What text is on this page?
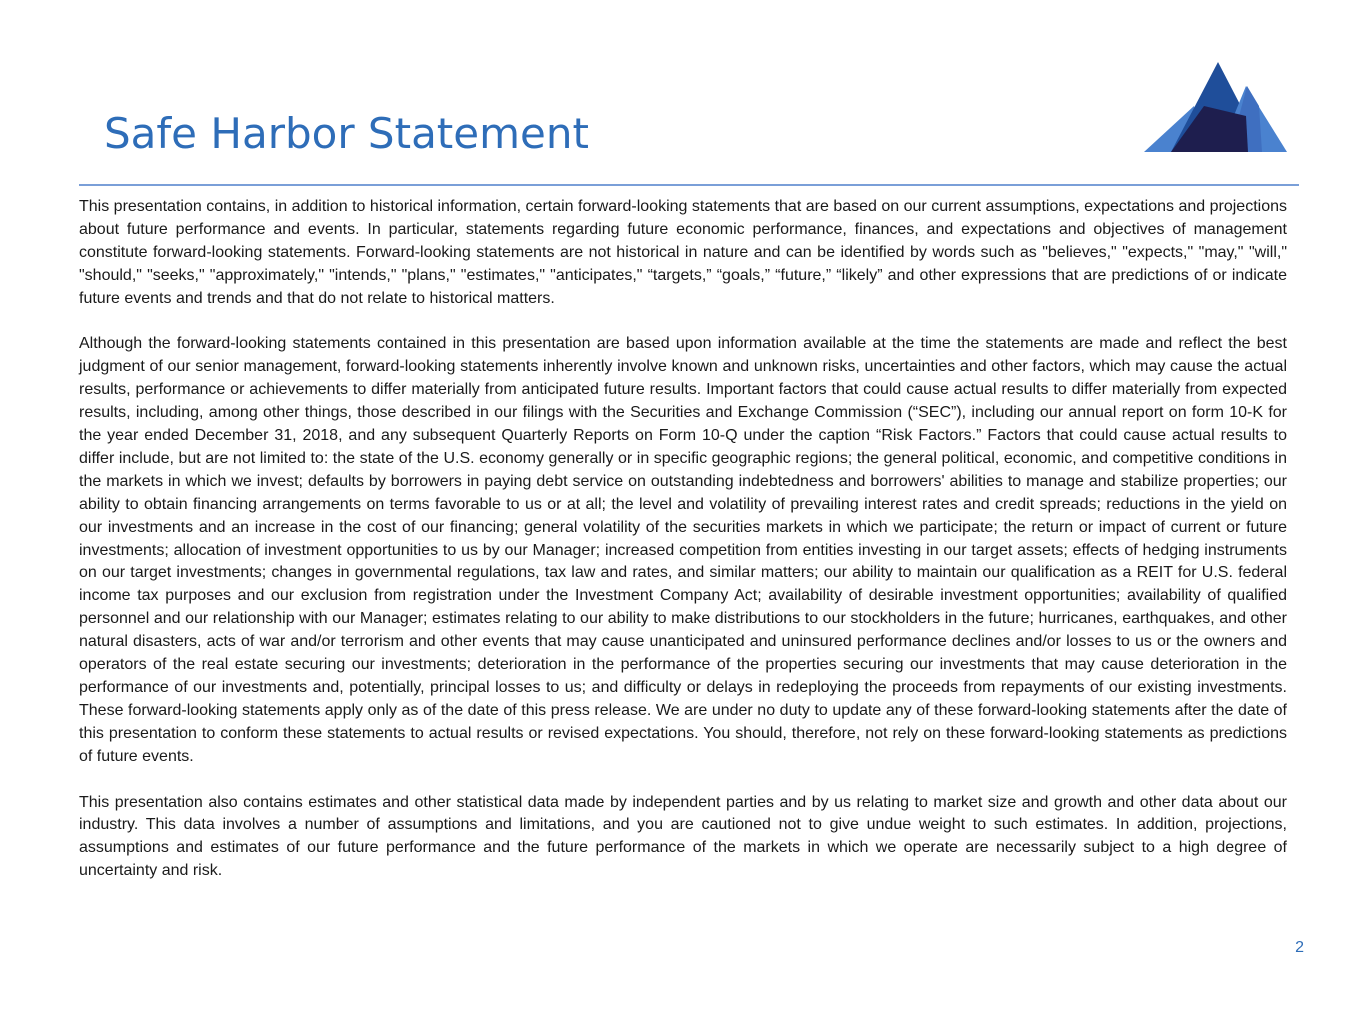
Safe Harbor Statement

This presentation contains, in addition to historical information, certain forward-looking statements that are based on our current assumptions, expectations and projections about future performance and events. In particular, statements regarding future economic performance, finances, and expectations and objectives of management constitute forward-looking statements. Forward-looking statements are not historical in nature and can be identified by words such as "believes," "expects," "may," "will," "should," "seeks," "approximately," "intends," "plans," "estimates," "anticipates," “targets,” “goals,” “future,” “likely” and other expressions that are predictions of or indicate future events and trends and that do not relate to historical matters.

Although the forward-looking statements contained in this presentation are based upon information available at the time the statements are made and reflect the best judgment of our senior management, forward-looking statements inherently involve known and unknown risks, uncertainties and other factors, which may cause the actual results, performance or achievements to differ materially from anticipated future results. Important factors that could cause actual results to differ materially from expected results, including, among other things, those described in our filings with the Securities and Exchange Commission (“SEC”), including our annual report on form 10-K for the year ended December 31, 2018, and any subsequent Quarterly Reports on Form 10-Q under the caption “Risk Factors.” Factors that could cause actual results to differ include, but are not limited to: the state of the U.S. economy generally or in specific geographic regions; the general political, economic, and competitive conditions in the markets in which we invest; defaults by borrowers in paying debt service on outstanding indebtedness and borrowers' abilities to manage and stabilize properties; our ability to obtain financing arrangements on terms favorable to us or at all; the level and volatility of prevailing interest rates and credit spreads; reductions in the yield on our investments and an increase in the cost of our financing; general volatility of the securities markets in which we participate; the return or impact of current or future investments; allocation of investment opportunities to us by our Manager; increased competition from entities investing in our target assets; effects of hedging instruments on our target investments; changes in governmental regulations, tax law and rates, and similar matters; our ability to maintain our qualification as a REIT for U.S. federal income tax purposes and our exclusion from registration under the Investment Company Act; availability of desirable investment opportunities; availability of qualified personnel and our relationship with our Manager; estimates relating to our ability to make distributions to our stockholders in the future; hurricanes, earthquakes, and other natural disasters, acts of war and/or terrorism and other events that may cause unanticipated and uninsured performance declines and/or losses to us or the owners and operators of the real estate securing our investments; deterioration in the performance of the properties securing our investments that may cause deterioration in the performance of our investments and, potentially, principal losses to us; and difficulty or delays in redeploying the proceeds from repayments of our existing investments. These forward-looking statements apply only as of the date of this press release. We are under no duty to update any of these forward-looking statements after the date of this presentation to conform these statements to actual results or revised expectations. You should, therefore, not rely on these forward-looking statements as predictions of future events.

This presentation also contains estimates and other statistical data made by independent parties and by us relating to market size and growth and other data about our industry. This data involves a number of assumptions and limitations, and you are cautioned not to give undue weight to such estimates. In addition, projections, assumptions and estimates of our future performance and the future performance of the markets in which we operate are necessarily subject to a high degree of uncertainty and risk.

2
